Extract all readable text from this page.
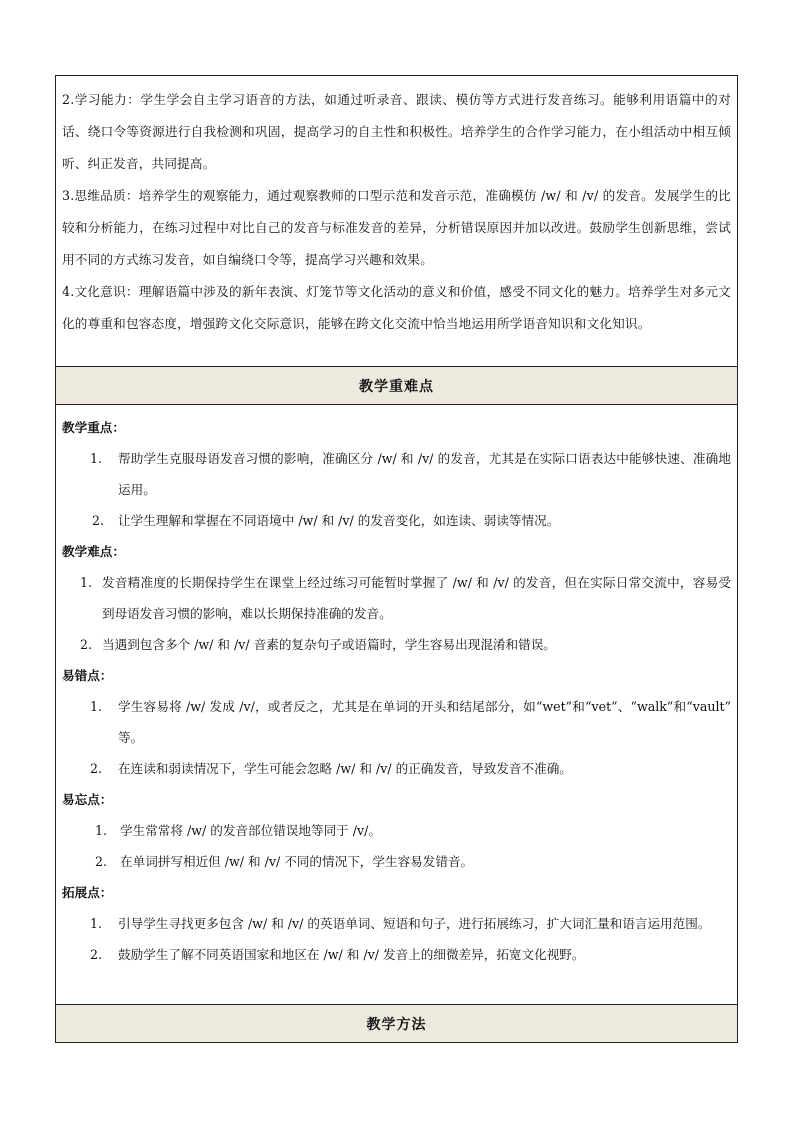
2.学习能力：学生学会自主学习语音的方法，如通过听录音、跟读、模仿等方式进行发音练习。能够利用语篇中的对话、绕口令等资源进行自我检测和巩固，提高学习的自主性和积极性。培养学生的合作学习能力，在小组活动中相互倾听、纠正发音，共同提高。

3.思维品质：培养学生的观察能力，通过观察教师的口型示范和发音示范，准确模仿 /w/ 和 /v/ 的发音。发展学生的比较和分析能力，在练习过程中对比自己的发音与标准发音的差异，分析错误原因并加以改进。鼓励学生创新思维，尝试用不同的方式练习发音，如自编绕口令等，提高学习兴趣和效果。

4.文化意识：理解语篇中涉及的新年表演、灯笼节等文化活动的意义和价值，感受不同文化的魅力。培养学生对多元文化的尊重和包容态度，增强跨文化交际意识，能够在跨文化交流中恰当地运用所学语音知识和文化知识。

教学重难点

教学重点：

1. 帮助学生克服母语发音习惯的影响，准确区分 /w/ 和 /v/ 的发音，尤其是在实际口语表达中能够快速、准确地运用。
2. 让学生理解和掌握在不同语境中 /w/ 和 /v/ 的发音变化，如连读、弱读等情况。

教学难点：

1. 发音精准度的长期保持学生在课堂上经过练习可能暂时掌握了 /w/ 和 /v/ 的发音，但在实际日常交流中，容易受到母语发音习惯的影响，难以长期保持准确的发音。
2. 当遇到包含多个 /w/ 和 /v/ 音素的复杂句子或语篇时，学生容易出现混淆和错误。

易错点：

1. 学生容易将 /w/ 发成 /v/，或者反之，尤其是在单词的开头和结尾部分，如“wet”和“vet”、“walk”和“vault” 等。
2. 在连读和弱读情况下，学生可能会忽略 /w/ 和 /v/ 的正确发音，导致发音不准确。

易忘点：

1. 学生常常将 /w/ 的发音部位错误地等同于 /v/。
2. 在单词拼写相近但 /w/ 和 /v/ 不同的情况下，学生容易发错音。

拓展点：

1. 引导学生寻找更多包含 /w/ 和 /v/ 的英语单词、短语和句子，进行拓展练习，扩大词汇量和语言运用范围。
2. 鼓励学生了解不同英语国家和地区在 /w/ 和 /v/ 发音上的细微差异，拓宽文化视野。
教学方法
